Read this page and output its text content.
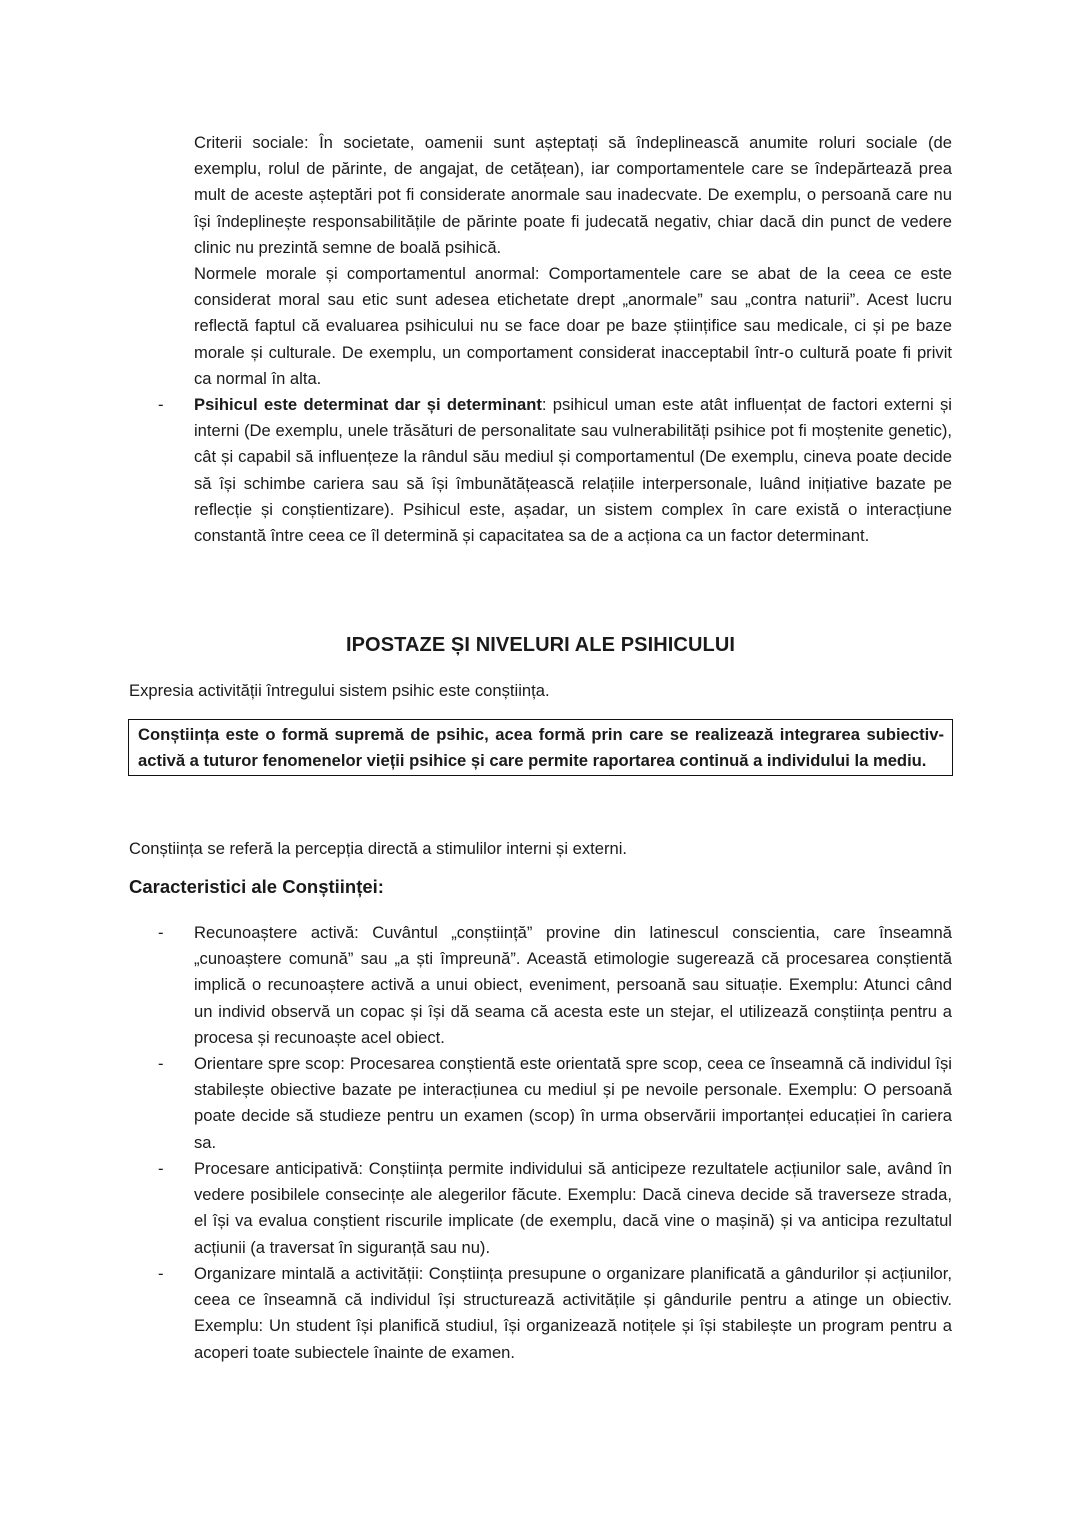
Criterii sociale: În societate, oamenii sunt așteptați să îndeplinească anumite roluri sociale (de exemplu, rolul de părinte, de angajat, de cetățean), iar comportamentele care se îndepărtează prea mult de aceste așteptări pot fi considerate anormale sau inadecvate. De exemplu, o persoană care nu își îndeplinește responsabilitățile de părinte poate fi judecată negativ, chiar dacă din punct de vedere clinic nu prezintă semne de boală psihică.

Normele morale și comportamentul anormal: Comportamentele care se abat de la ceea ce este considerat moral sau etic sunt adesea etichetate drept „anormale” sau „contra naturii”. Acest lucru reflectă faptul că evaluarea psihicului nu se face doar pe baze științifice sau medicale, ci și pe baze morale și culturale. De exemplu, un comportament considerat inacceptabil într-o cultură poate fi privit ca normal în alta.

- Psihicul este determinat dar și determinant: psihicul uman este atât influențat de factori externi și interni (De exemplu, unele trăsături de personalitate sau vulnerabilități psihice pot fi moștenite genetic), cât și capabil să influențeze la rândul său mediul și comportamentul (De exemplu, cineva poate decide să își schimbe cariera sau să își îmbunătățească relațiile interpersonale, luând inițiative bazate pe reflecție și conștientizare). Psihicul este, așadar, un sistem complex în care există o interacțiune constantă între ceea ce îl determină și capacitatea sa de a acționa ca un factor determinant.

IPOSTAZE ȘI NIVELURI ALE PSIHICULUI

Expresia activității întregului sistem psihic este conștiința.

Conștiința este o formă supremă de psihic, acea formă prin care se realizează integrarea subiectiv-activă a tuturor fenomenelor vieții psihice și care permite raportarea continuă a individului la mediu.

Conștiința se referă la percepția directă a stimulilor interni și externi.

Caracteristici ale Conștiinței:
- Recunoaștere activă: Cuvântul „conștiință” provine din latinescul conscientia, care înseamnă „cunoaștere comună” sau „a ști împreună”. Această etimologie sugerează că procesarea conștientă implică o recunoaștere activă a unui obiect, eveniment, persoană sau situație. Exemplu: Atunci când un individ observă un copac și își dă seama că acesta este un stejar, el utilizează conștiința pentru a procesa și recunoaște acel obiect.

- Orientare spre scop: Procesarea conștientă este orientată spre scop, ceea ce înseamnă că individul își stabilește obiective bazate pe interacțiunea cu mediul și pe nevoile personale. Exemplu: O persoană poate decide să studieze pentru un examen (scop) în urma observării importanței educației în cariera sa.

- Procesare anticipativă: Conștiința permite individului să anticipeze rezultatele acțiunilor sale, având în vedere posibilele consecințe ale alegerilor făcute. Exemplu: Dacă cineva decide să traverseze strada, el își va evalua conștient riscurile implicate (de exemplu, dacă vine o mașină) și va anticipa rezultatul acțiunii (a traversat în siguranță sau nu).

- Organizare mintală a activității: Conștiința presupune o organizare planificată a gândurilor și acțiunilor, ceea ce înseamnă că individul își structurează activitățile și gândurile pentru a atinge un obiectiv. Exemplu: Un student își planifică studiul, își organizează notițele și își stabilește un program pentru a acoperi toate subiectele înainte de examen.
